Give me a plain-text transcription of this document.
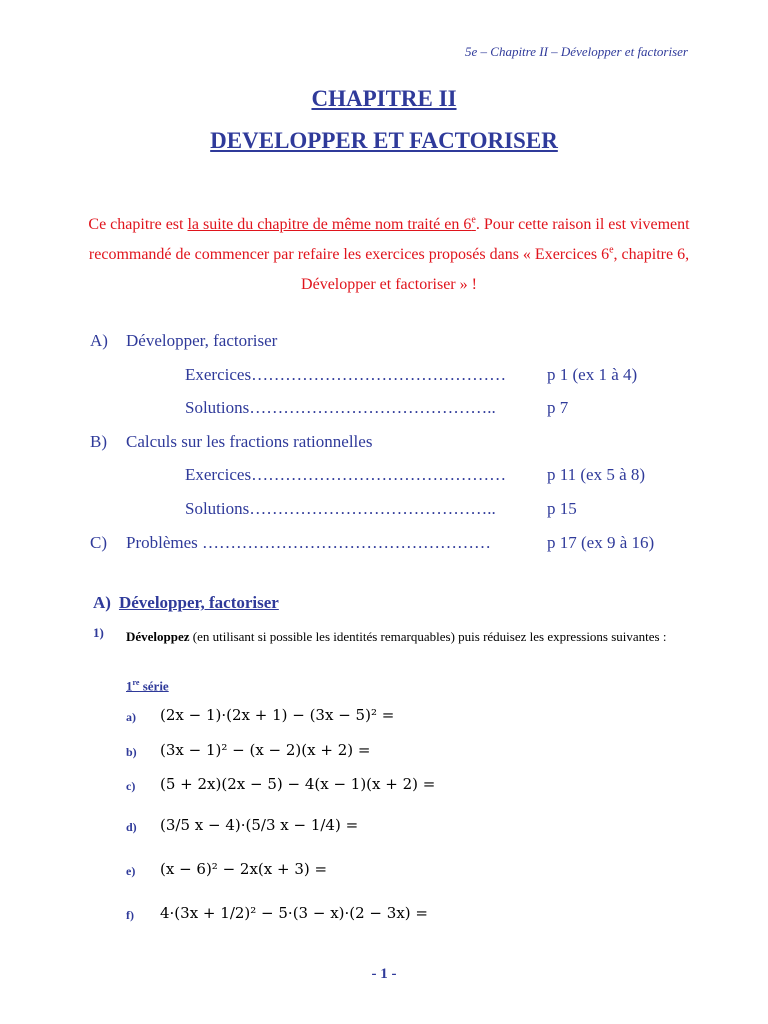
5e – Chapitre II – Développer et factoriser
CHAPITRE II
DEVELOPPER ET FACTORISER
Ce chapitre est la suite du chapitre de même nom traité en 6e. Pour cette raison il est vivement recommandé de commencer par refaire les exercices proposés dans « Exercices 6e, chapitre 6, Développer et factoriser » !
A) Développer, factoriser
Exercices……………………………………… p 1 (ex 1 à 4)
Solutions……………………………………..	p 7
B) Calculs sur les fractions rationnelles
Exercices……………………………………… p 11 (ex 5 à 8)
Solutions……………………………………..	p 15
C) Problèmes ……………………………………………	p 17 (ex 9 à 16)
A) Développer, factoriser
1) Développez (en utilisant si possible les identités remarquables) puis réduisez les expressions suivantes :
1re série
a) (2x − 1)·(2x + 1) − (3x − 5)² =
b) (3x − 1)² − (x − 2)(x + 2) =
c) (5 + 2x)(2x − 5) − 4(x − 1)(x + 2) =
d) (3/5 x − 4)·(5/3 x − 1/4) =
e) (x − 6)² − 2x(x + 3) =
f) 4·(3x + 1/2)² − 5·(3 − x)·(2 − 3x) =
- 1 -
